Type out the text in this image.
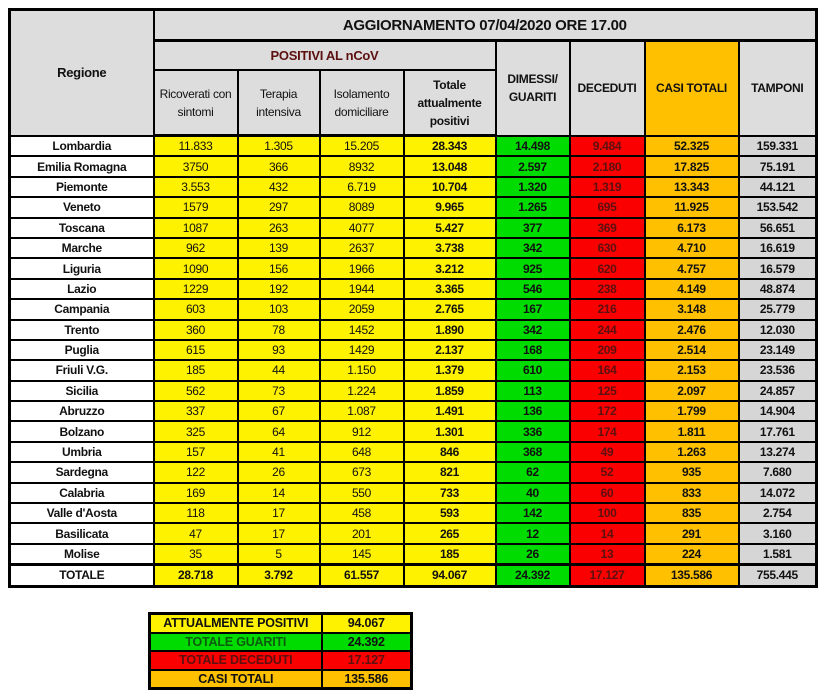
Regione	AGGIORNAMENTO 07/04/2020 ORE 17.00							
	POSITIVI AL nCoV				DIMESSI/ GUARITI	DECEDUTI	CASI TOTALI	TAMPONI
	Ricoverati con sintomi	Terapia intensiva	Isolamento domiciliare	Totale attualmente positivi				
Lombardia	11.833	1.305	15.205	28.343	14.498	9.484	52.325	159.331
Emilia Romagna	3750	366	8932	13.048	2.597	2.180	17.825	75.191
Piemonte	3.553	432	6.719	10.704	1.320	1.319	13.343	44.121
Veneto	1579	297	8089	9.965	1.265	695	11.925	153.542
Toscana	1087	263	4077	5.427	377	369	6.173	56.651
Marche	962	139	2637	3.738	342	630	4.710	16.619
Liguria	1090	156	1966	3.212	925	620	4.757	16.579
Lazio	1229	192	1944	3.365	546	238	4.149	48.874
Campania	603	103	2059	2.765	167	216	3.148	25.779
Trento	360	78	1452	1.890	342	244	2.476	12.030
Puglia	615	93	1429	2.137	168	209	2.514	23.149
Friuli V.G.	185	44	1.150	1.379	610	164	2.153	23.536
Sicilia	562	73	1.224	1.859	113	125	2.097	24.857
Abruzzo	337	67	1.087	1.491	136	172	1.799	14.904
Bolzano	325	64	912	1.301	336	174	1.811	17.761
Umbria	157	41	648	846	368	49	1.263	13.274
Sardegna	122	26	673	821	62	52	935	7.680
Calabria	169	14	550	733	40	60	833	14.072
Valle d'Aosta	118	17	458	593	142	100	835	2.754
Basilicata	47	17	201	265	12	14	291	3.160
Molise	35	5	145	185	26	13	224	1.581
TOTALE	28.718	3.792	61.557	94.067	24.392	17.127	135.586	755.445
ATTUALMENTE POSITIVI	94.067
TOTALE GUARITI	24.392
TOTALE DECEDUTI	17.127
CASI TOTALI	135.586
